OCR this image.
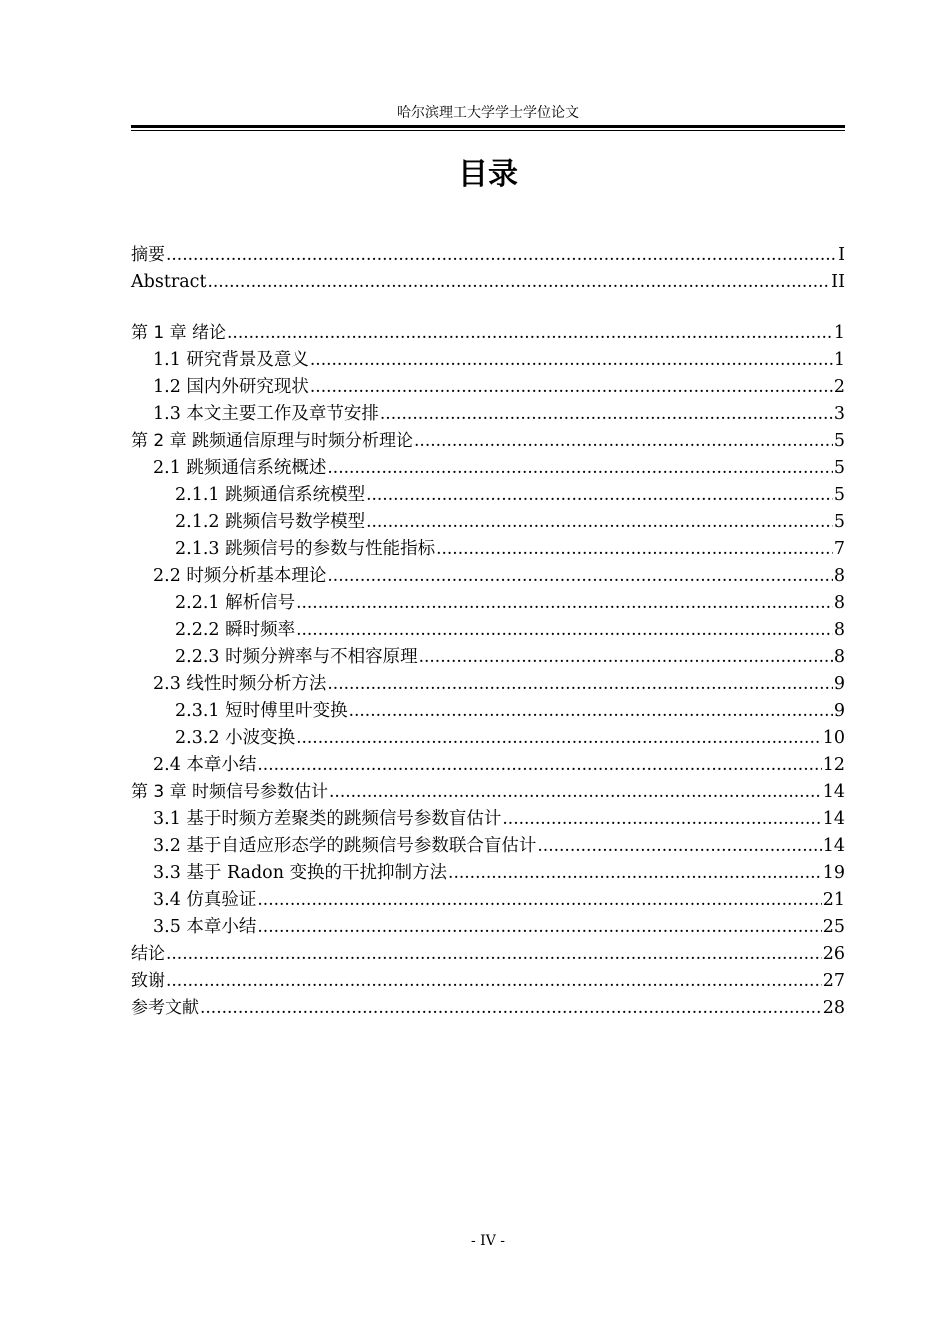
哈尔滨理工大学学士学位论文
目录
摘要 .....	I
Abstract .....	II
第 1 章 绪论 .....	1
1.1 研究背景及意义 .....	1
1.2 国内外研究现状 .....	2
1.3 本文主要工作及章节安排 .....	3
第 2 章 跳频通信原理与时频分析理论 .....	5
2.1 跳频通信系统概述 .....	5
2.1.1 跳频通信系统模型 .....	5
2.1.2 跳频信号数学模型 .....	5
2.1.3 跳频信号的参数与性能指标 .....	7
2.2 时频分析基本理论 .....	8
2.2.1 解析信号 .....	8
2.2.2 瞬时频率 .....	8
2.2.3 时频分辨率与不相容原理 .....	8
2.3 线性时频分析方法 .....	9
2.3.1 短时傅里叶变换 .....	9
2.3.2 小波变换 .....	10
2.4 本章小结 .....	12
第 3 章 时频信号参数估计 .....	14
3.1 基于时频方差聚类的跳频信号参数盲估计 .....	14
3.2 基于自适应形态学的跳频信号参数联合盲估计 .....	14
3.3 基于 Radon 变换的干扰抑制方法 .....	19
3.4 仿真验证 .....	21
3.5 本章小结 .....	25
结论 .....	26
致谢 .....	27
参考文献 .....	28
- IV -
